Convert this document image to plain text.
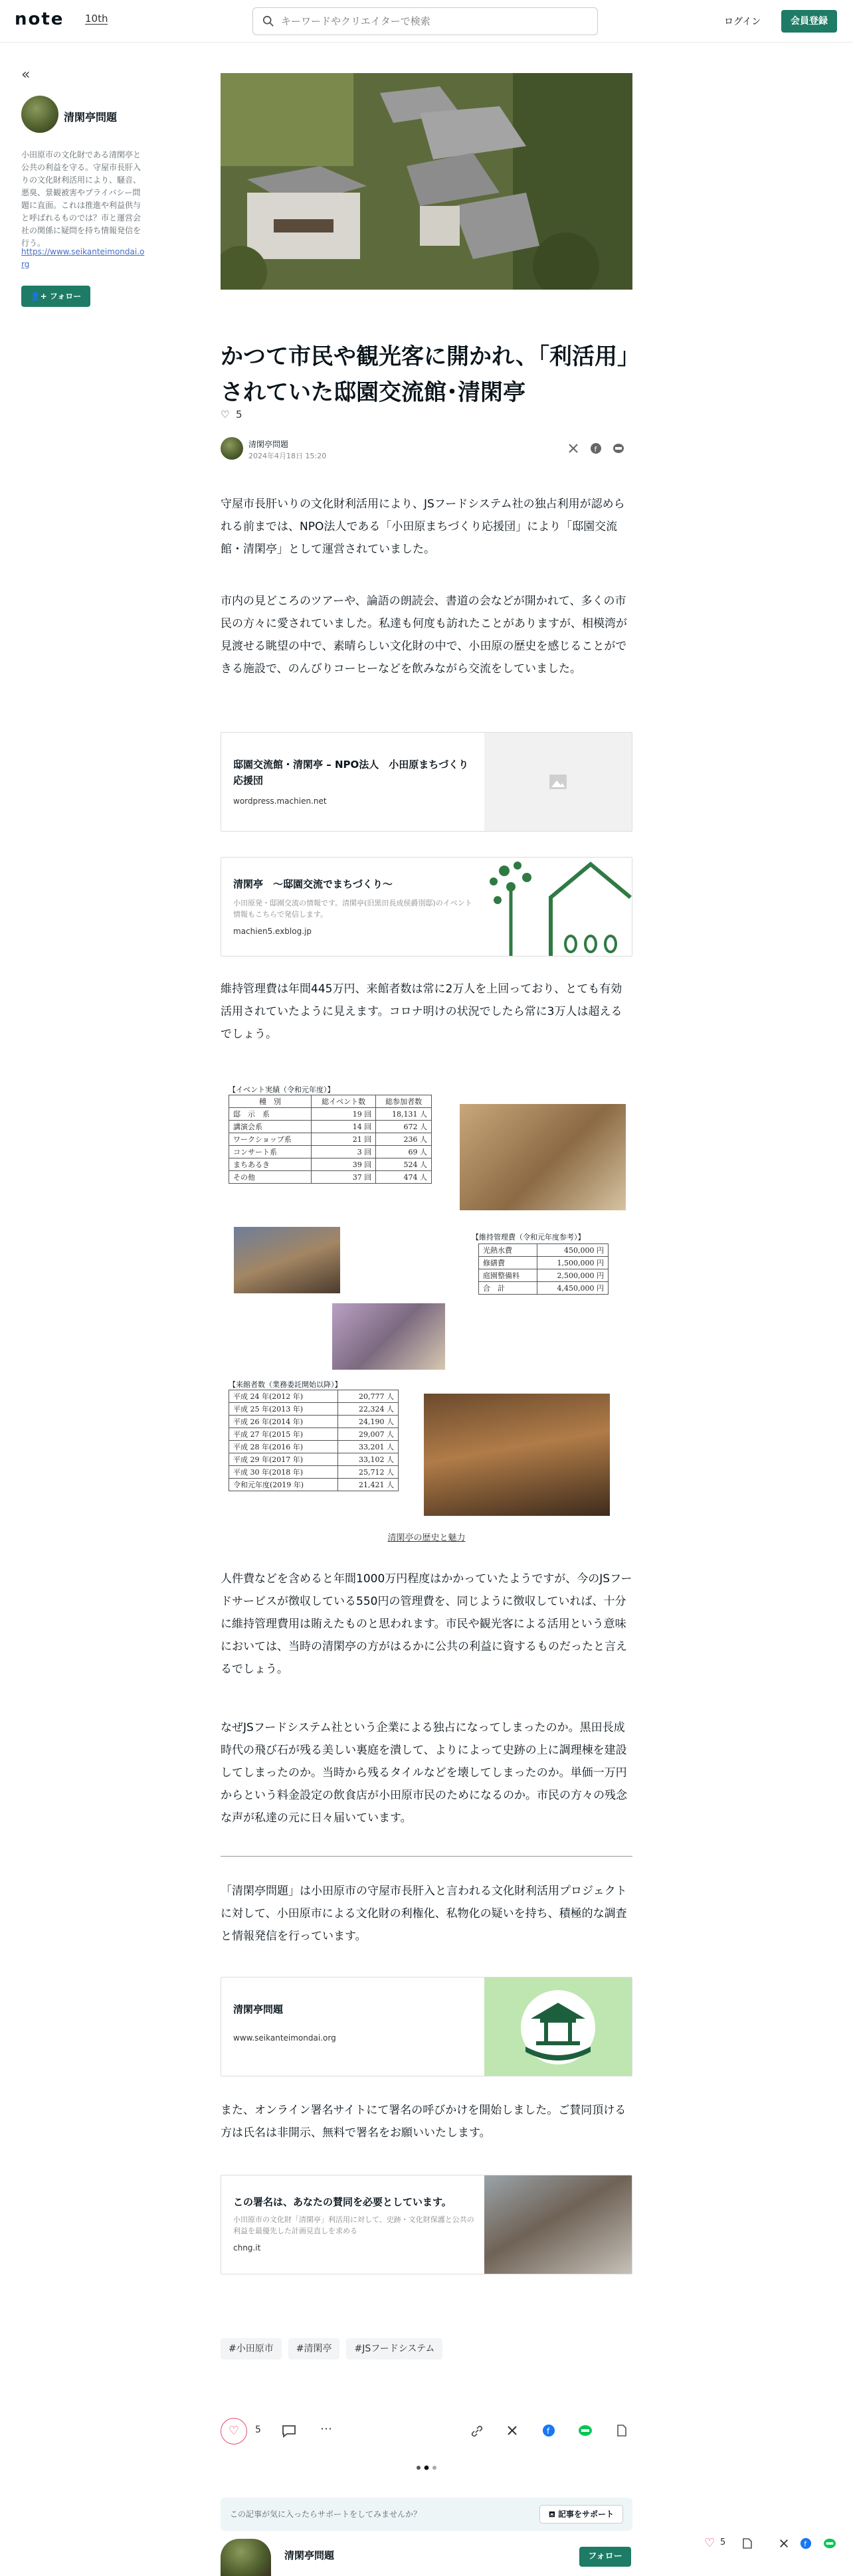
note 10th
キーワードやクリエイターで検索	ログイン	会員登録
«
清閑亭問題
小田原市の文化財である清閑亭と公共の利益を守る。守屋市長肝入りの文化財利活用により、騒音、悪臭、景観被害やプライバシー問題に直面。これは推進や利益供与と呼ばれるものでは？市と運営会社の関係に疑問を持ち情報発信を行う。
https://www.seikanteimondai.org
👤+ フォロー
かつて市民や観光客に開かれ、｢利活用｣されていた邸園交流館･清閑亭
♡ 5
清閑亭問題
2024年4月18日 15:20
f
守屋市長肝いりの文化財利活用により、JSフードシステム社の独占利用が認められる前までは、NPO法人である「小田原まちづくり応援団」により「邸園交流館・清閑亭」として運営されていました。
市内の見どころのツアーや、論語の朗読会、書道の会などが開かれて、多くの市民の方々に愛されていました。私達も何度も訪れたことがありますが、相模湾が見渡せる眺望の中で、素晴らしい文化財の中で、小田原の歴史を感じることができる施設で、のんびりコーヒーなどを飲みながら交流をしていました。
邸園交流館・清閑亭 – NPO法人　小田原まちづくり応援団
wordpress.machien.net
清閑亭　～邸園交流でまちづくり～
小田原発・邸園交流の情報です。清閑亭(旧黒田長成侯爵別邸)のイベント情報もこちらで発信します。
machien5.exblog.jp
維持管理費は年間445万円、来館者数は常に2万人を上回っており、とても有効活用されていたように見えます。コロナ明けの状況でしたら常に3万人は超えるでしょう。
【イベント実績（令和元年度）】
種　別	総イベント数	総参加者数
邸　示　系	19 回	18,131 人
講演会系	14 回	672 人
ワークショップ系	21 回	236 人
コンサート系	3 回	69 人
まちあるき	39 回	524 人
その他	37 回	474 人
【維持管理費（令和元年度参考）】
光熱水費	450,000 円
修繕費	1,500,000 円
庭園整備料	2,500,000 円
合　計	4,450,000 円
【来館者数（業務委託開始以降）】
平成 24 年(2012 年)	20,777 人
平成 25 年(2013 年)	22,324 人
平成 26 年(2014 年)	24,190 人
平成 27 年(2015 年)	29,007 人
平成 28 年(2016 年)	33,201 人
平成 29 年(2017 年)	33,102 人
平成 30 年(2018 年)	25,712 人
令和元年度(2019 年)	21,421 人
清閑亭の歴史と魅力
人件費などを含めると年間1000万円程度はかかっていたようですが、今のJSフードサービスが徴収している550円の管理費を、同じように徴収していれば、十分に維持管理費用は賄えたものと思われます。市民や観光客による活用という意味においては、当時の清閑亭の方がはるかに公共の利益に資するものだったと言えるでしょう。
なぜJSフードシステム社という企業による独占になってしまったのか。黒田長成時代の飛び石が残る美しい裏庭を潰して、よりによって史跡の上に調理棟を建設してしまったのか。当時から残るタイルなどを壊してしまったのか。単価一万円からという料金設定の飲食店が小田原市民のためになるのか。市民の方々の残念な声が私達の元に日々届いています。
「清閑亭問題」は小田原市の守屋市長肝入と言われる文化財利活用プロジェクトに対して、小田原市による文化財の利権化、私物化の疑いを持ち、積極的な調査と情報発信を行っています。
清閑亭問題
www.seikanteimondai.org
また、オンライン署名サイトにて署名の呼びかけを開始しました。ご賛同頂ける方は氏名は非開示、無料で署名をお願いいたします。
この署名は、あなたの賛同を必要としています。
小田原市の文化財「清閑亭」利活用に対して、史跡・文化財保護と公共の利益を最優先した計画見直しを求める
chng.it
#小田原市 #清閑亭 #JSフードシステム
♡	5	⋯	f
この記事が気に入ったらサポートをしてみませんか？	⛾ 記事をサポート
清閑亭問題	フォロー
♡ 5	f
